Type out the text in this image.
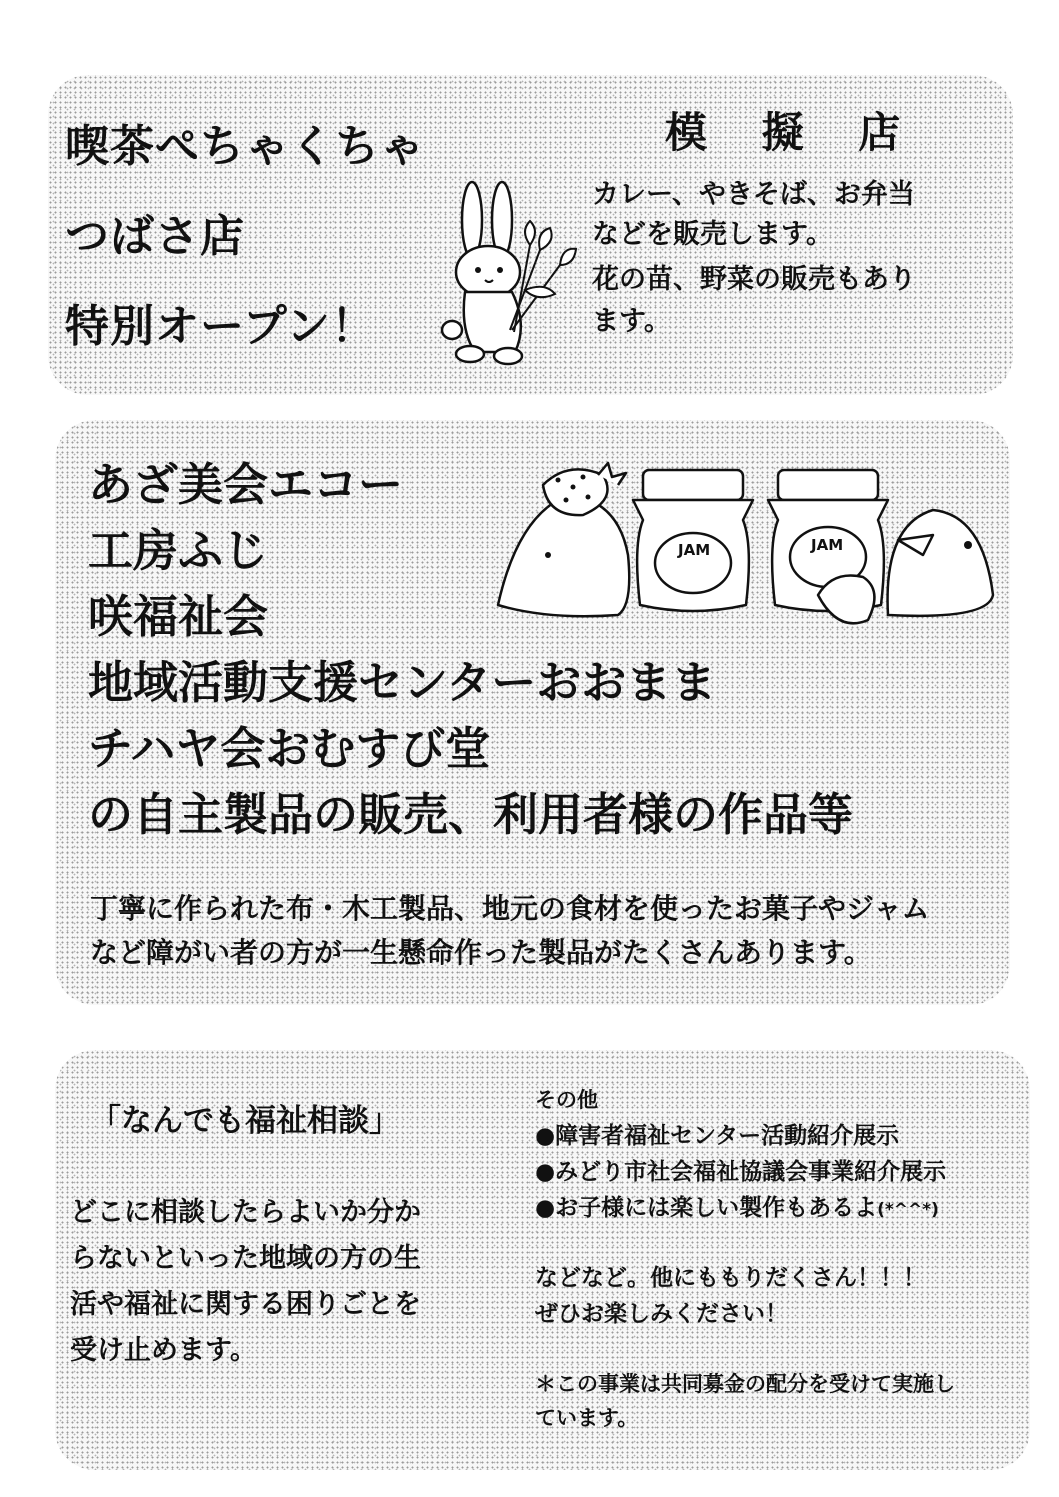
喫茶ぺちゃくちゃ
つばさ店
特別オープン！
模 擬 店
カレー、やきそば、お弁当
などを販売します。
花の苗、野菜の販売もあり
ます。
あざ美会エコー
工房ふじ
咲福祉会
地域活動支援センターおおまま
チハヤ会おむすび堂
の自主製品の販売、利用者様の作品等
JAM	JAM
丁寧に作られた布・木工製品、地元の食材を使ったお菓子やジャム
など障がい者の方が一生懸命作った製品がたくさんあります。
「なんでも福祉相談」
どこに相談したらよいか分か
らないといった地域の方の生
活や福祉に関する困りごとを
受け止めます。
その他
●障害者福祉センター活動紹介展示
●みどり市社会福祉協議会事業紹介展示
●お子様には楽しい製作もあるよ(*^^*)
などなど。他にももりだくさん！！！
ぜひお楽しみください！
＊この事業は共同募金の配分を受けて実施し
ています。
